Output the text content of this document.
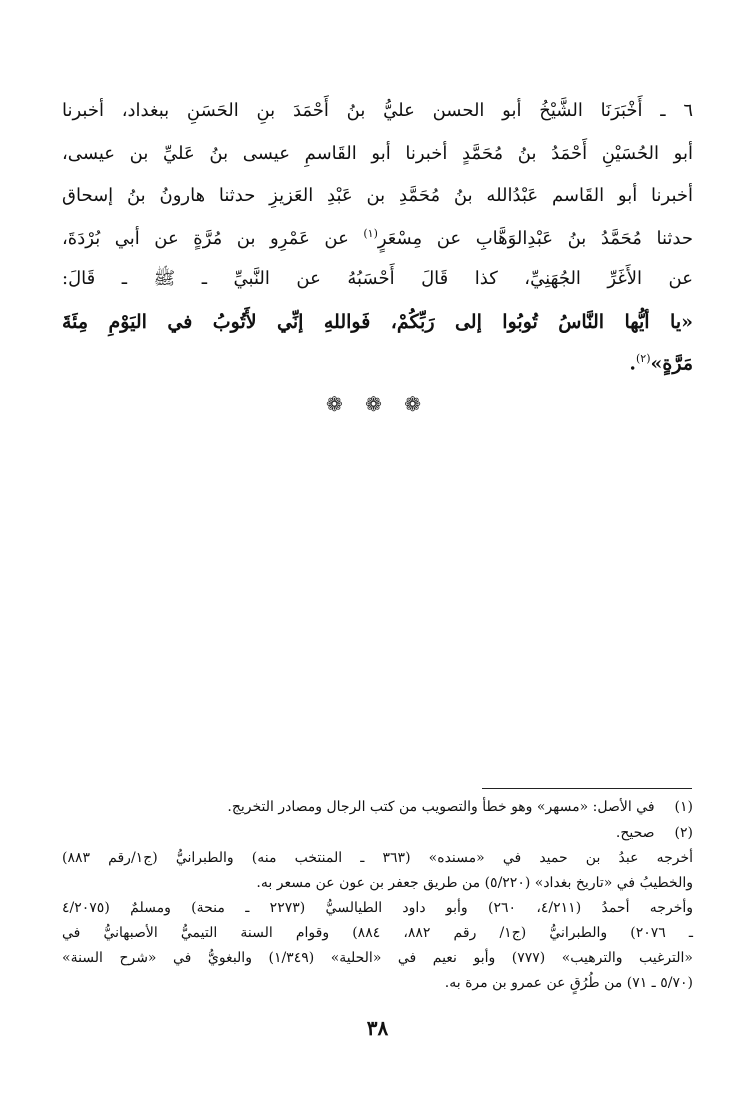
٦ ـ أَخْبَرَنَا الشَّيْخُ أبو الحسن عليُّ بنُ أَحْمَدَ بنِ الحَسَنِ ببغداد، أخبرنا
أبو الحُسَيْنِ أَحْمَدُ بنُ مُحَمَّدٍ أخبرنا أبو القَاسمِ عيسى بنُ عَليِّ بن عيسى،
أخبرنا أبو القَاسم عَبْدُالله بنُ مُحَمَّدِ بن عَبْدِ العَزيزِ حدثنا هارونُ بنُ إسحاق
حدثنا مُحَمَّدُ بنُ عَبْدِالوَهَّابِ عن مِسْعَرٍ$^{(١)}$ عن عَمْرِو بن مُرَّةٍ عن أبي بُرْدَةَ،
عن الأَغَرِّ الجُهَنِيِّ، كذا قَالَ أَحْسَبُهُ عن النَّبيِّ ـ ﷺ ـ قَالَ:
«يا أيُّها النَّاسُ تُوبُوا إلى رَبِّكُمْ، فَواللهِ إنِّي لأَتُوبُ في اليَوْمِ مِئَةَ
مَرَّةٍ»$^{(٢)}$.
❁ ❁ ❁
(١) في الأصل: «مسهر» وهو خطأ والتصويب من كتب الرجال ومصادر التخريج.
(٢) صحيح.
أخرجه عبدُ بن حميد في «مسنده» (٣٦٣ ـ المنتخب منه) والطبرانيُّ (ج١/رقم ٨٨٣)
والخطيبُ في «تاريخ بغداد» (٥/٢٢٠) من طريق جعفر بن عون عن مسعر به.
وأخرجه أحمدُ (٤/٢١١، ٢٦٠) وأبو داود الطيالسيُّ (٢٢٧٣ ـ منحة) ومسلمٌ (٤/٢٠٧٥
ـ ٢٠٧٦) والطبرانيُّ (ج١/ رقم ٨٨٢، ٨٨٤) وقوام السنة التيميُّ الأصبهانيُّ في
«الترغيب والترهيب» (٧٧٧) وأبو نعيم في «الحلية» (١/٣٤٩) والبغويُّ في «شرح السنة»
(٥/٧٠ ـ ٧١) من طُرُقٍ عن عمرو بن مرة به.
٣٨
